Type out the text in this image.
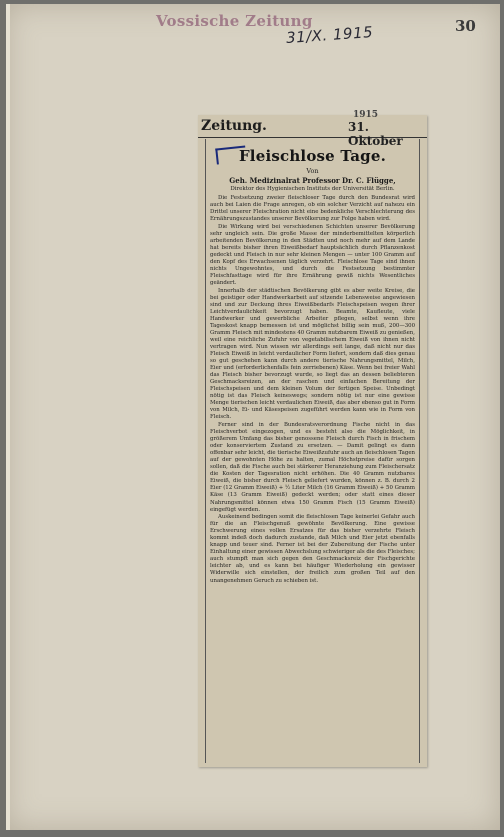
Vossische Zeitung	30
31/X. 1915
Zeitung.
1915
31. Oktober
Fleischlose Tage.
Von
Geh. Medizinalrat Professor Dr. C. Flügge,
Direktor des Hygienischen Instituts der Universität Berlin.

Die Festsetzung zweier fleischloser Tage durch den Bundesrat wird auch bei Laien die Frage anregen, ob ein solcher Verzicht auf nahezu ein Drittel unserer Fleischration nicht eine bedenkliche Verschlechterung des Ernährungszustandes unserer Bevölkerung zur Folge haben wird.

Die Wirkung wird bei verschiedenen Schichten unserer Bevölkerung sehr ungleich sein. Die große Masse der minderbemittelten körperlich arbeitenden Bevölkerung in den Städten und noch mehr auf dem Lande hat bereits bisher ihren Eiweißbedarf hauptsächlich durch Pflanzenkost gedeckt und Fleisch in nur sehr kleinen Mengen — unter 100 Gramm auf den Kopf des Erwachsenen täglich verzehrt. Fleischlose Tage sind ihnen nichts Ungewohntes, und durch die Festsetzung bestimmter Fleischfasttage wird für ihre Ernährung gewiß nichts Wesentliches geändert.

Innerhalb der städtischen Bevölkerung gibt es aber weite Kreise, die bei geistiger oder Handwerkarbeit auf sitzende Lebensweise angewiesen sind und zur Deckung ihres Eiweißbedarfs Fleischspeisen wegen ihrer Leichtverdaulichkeit bevorzugt haben. Beamte, Kaufleute, viele Handwerker und gewerbliche Arbeiter pflegen, selbst wenn ihre Tageskost knapp bemessen ist und möglichst billig sein muß, 200—300 Gramm Fleisch mit mindestens 40 Gramm nutzbarem Eiweiß zu genießen, weil eine reichliche Zufuhr von vegetabilischem Eiweiß von ihnen nicht vertragen wird. Nun wissen wir allerdings seit lange, daß nicht nur das Fleisch Eiweiß in leicht verdaulicher Form liefert, sondern daß dies genau so gut geschehen kann durch andere tierische Nahrungsmittel, Milch, Eier und (erforderlichenfalls fein zerriebenen) Käse. Wenn bei freier Wahl das Fleisch bisher bevorzugt wurde, so liegt das an dessen beliebteren Geschmacksreizen, an der raschen und einfachen Bereitung der Fleischspeisen und dem kleinen Volum der fertigen Speise. Unbedingt nötig ist das Fleisch keineswegs; sondern nötig ist nur eine gewisse Menge tierischen leicht verdaulichen Eiweiß, das aber ebenso gut in Form von Milch, Ei- und Käsespeisen zugeführt werden kann wie in Form von Fleisch.

Ferner sind in der Bundesratsverordnung Fische nicht in das Fleischverbot eingezogen, und es besteht also die Möglichkeit, in größerem Umfang das bisher genossene Fleisch durch Fisch in frischem oder konserviertem Zustand zu ersetzen. — Damit gelingt es dann offenbar sehr leicht, die tierische Eiweißzufuhr auch an fleischlosen Tagen auf der gewohnten Höhe zu halten, zumal Höchstpreise dafür sorgen sollen, daß die Fische auch bei stärkerer Heranziehung zum Fleischersatz die Kosten der Tagesration nicht erhöhen. Die 40 Gramm nutzbares Eiweiß, die bisher durch Fleisch geliefert wurden, können z. B. durch 2 Eier (12 Gramm Eiweiß) + ½ Liter Milch (16 Gramm Eiweiß) + 50 Gramm Käse (13 Gramm Eiweiß) gedeckt werden; oder statt eines dieser Nahrungsmittel können etwa 150 Gramm Fisch (15 Gramm Eiweiß) eingefügt werden.

Auskeinend bedingen somit die fleischlosen Tage keinerlei Gefahr auch für die an Fleischgenuß gewöhnte Bevölkerung. Eine gewisse Erschwerung eines vollen Ersatzes für das bisher verzehrte Fleisch kommt indeß doch dadurch zustande, daß Milch und Eier jetzt ebenfalls knapp und teuer sind. Ferner ist bei der Zubereitung der Fische unter Einhaltung einer gewissen Abwechslung schwieriger als die des Fleisches; auch stumpft man sich gegen den Geschmacksreiz der Fischgerichte leichter ab, und es kann bei häufiger Wiederholung ein gewisser Widerwille sich einstellen, der freilich zum großen Teil auf den unangenehmen Geruch zu schieben ist.
